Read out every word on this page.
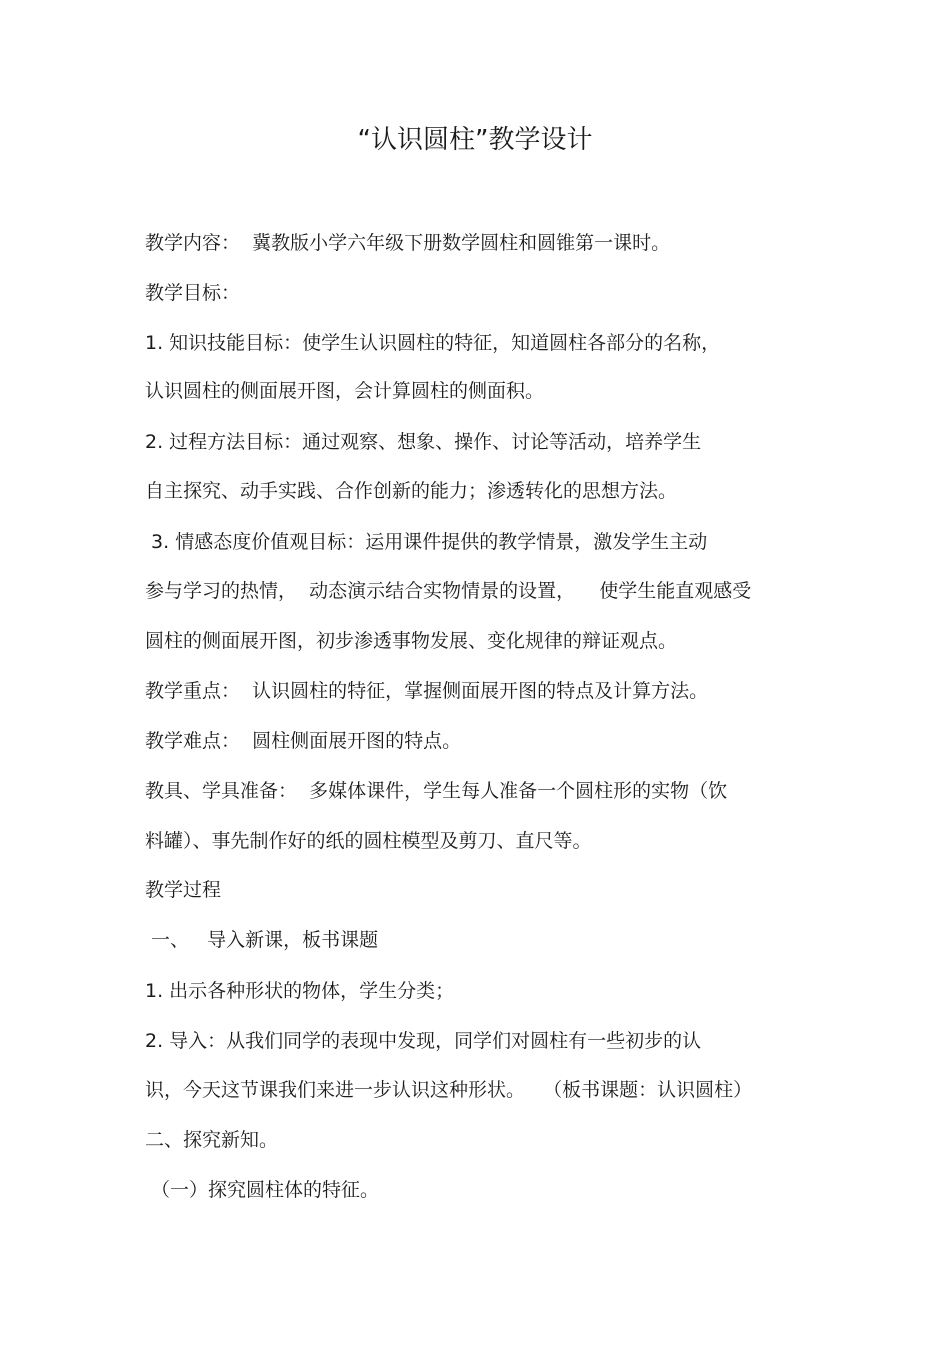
“认识圆柱”教学设计
教学内容：  冀教版小学六年级下册数学圆柱和圆锥第一课时。
教学目标：
1. 知识技能目标：使学生认识圆柱的特征，知道圆柱各部分的名称，
认识圆柱的侧面展开图，会计算圆柱的侧面积。
2. 过程方法目标：通过观察、想象、操作、讨论等活动，培养学生
自主探究、动手实践、合作创新的能力；渗透转化的思想方法。
3. 情感态度价值观目标：运用课件提供的教学情景，激发学生主动
参与学习的热情，  动态演示结合实物情景的设置，    使学生能直观感受
圆柱的侧面展开图，初步渗透事物发展、变化规律的辩证观点。
教学重点：  认识圆柱的特征，掌握侧面展开图的特点及计算方法。
教学难点：  圆柱侧面展开图的特点。
教具、学具准备：  多媒体课件，学生每人准备一个圆柱形的实物（饮
料罐）、事先制作好的纸的圆柱模型及剪刀、直尺等。
教学过程
一、   导入新课，板书课题
1. 出示各种形状的物体，学生分类；
2. 导入：从我们同学的表现中发现，同学们对圆柱有一些初步的认
识，今天这节课我们来进一步认识这种形状。   （板书课题：认识圆柱）
二、探究新知。
（一）探究圆柱体的特征。
